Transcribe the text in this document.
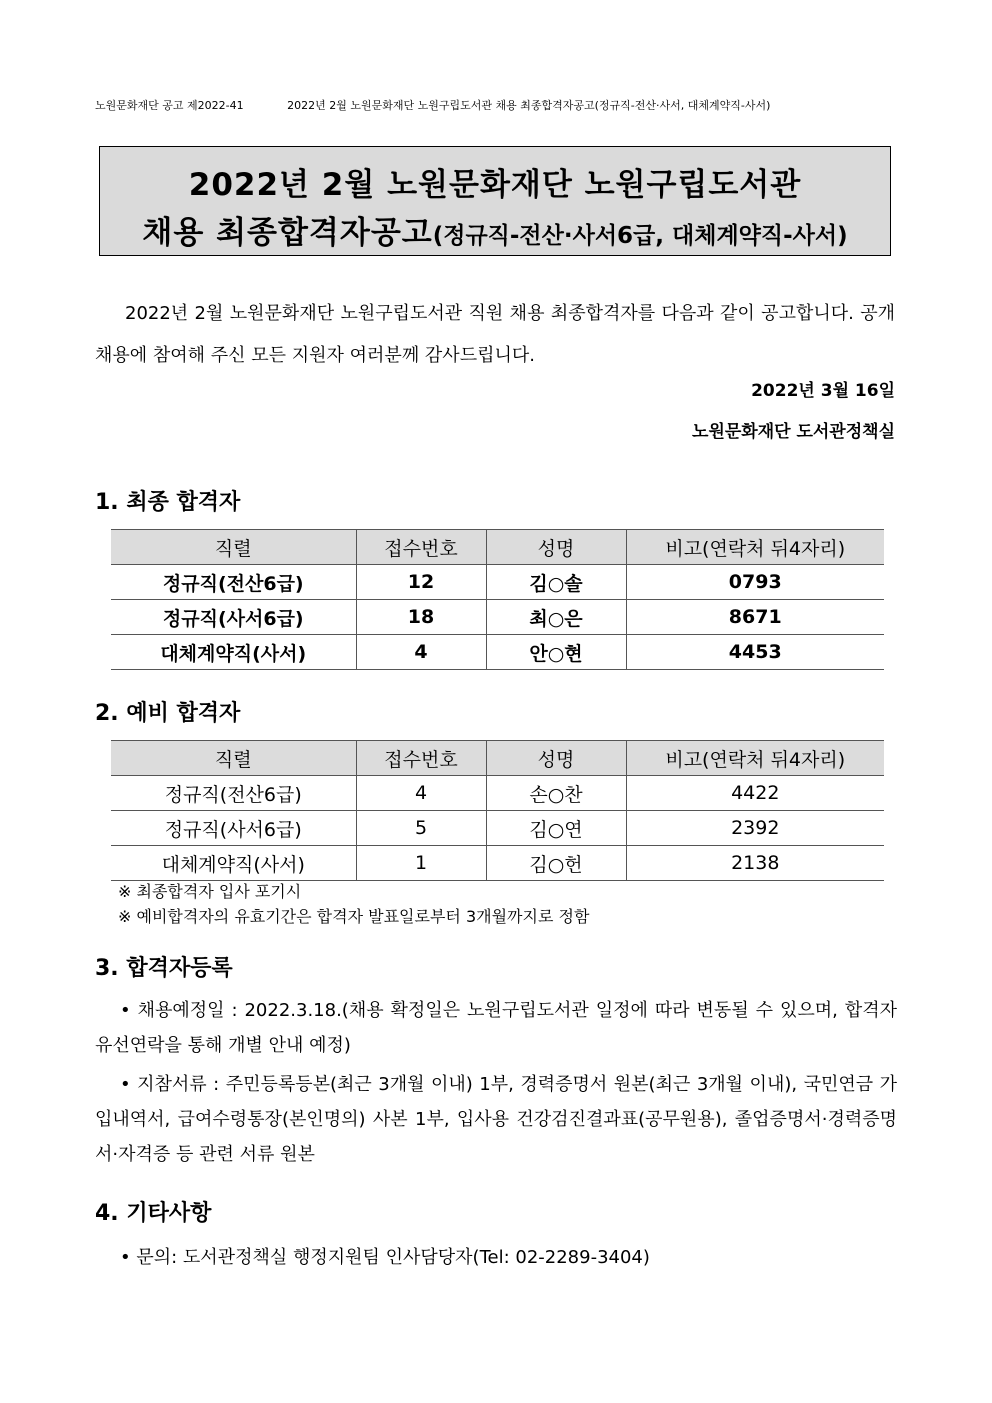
노원문화재단 공고 제2022-41	2022년 2월 노원문화재단 노원구립도서관 채용 최종합격자공고(정규직-전산·사서, 대체계약직-사서)
2022년 2월 노원문화재단 노원구립도서관
채용 최종합격자공고(정규직-전산·사서6급, 대체계약직-사서)
2022년 2월 노원문화재단 노원구립도서관 직원 채용 최종합격자를 다음과 같이 공고합니다. 공개채용에 참여해 주신 모든 지원자 여러분께 감사드립니다.
2022년 3월 16일
노원문화재단 도서관정책실
1. 최종 합격자
직렬	접수번호	성명	비고(연락처 뒤4자리)
정규직(전산6급)	12	김○솔	0793
정규직(사서6급)	18	최○은	8671
대체계약직(사서)	4	안○현	4453
2. 예비 합격자
직렬	접수번호	성명	비고(연락처 뒤4자리)
정규직(전산6급)	4	손○찬	4422
정규직(사서6급)	5	김○연	2392
대체계약직(사서)	1	김○헌	2138
※ 최종합격자 입사 포기시
※ 예비합격자의 유효기간은 합격자 발표일로부터 3개월까지로 정함
3. 합격자등록
• 채용예정일 : 2022.3.18.(채용 확정일은 노원구립도서관 일정에 따라 변동될 수 있으며, 합격자 유선연락을 통해 개별 안내 예정)
• 지참서류 : 주민등록등본(최근 3개월 이내) 1부, 경력증명서 원본(최근 3개월 이내), 국민연금 가입내역서, 급여수령통장(본인명의) 사본 1부, 입사용 건강검진결과표(공무원용), 졸업증명서·경력증명서·자격증 등 관련 서류 원본
4. 기타사항
• 문의: 도서관정책실 행정지원팀 인사담당자(Tel: 02-2289-3404)
